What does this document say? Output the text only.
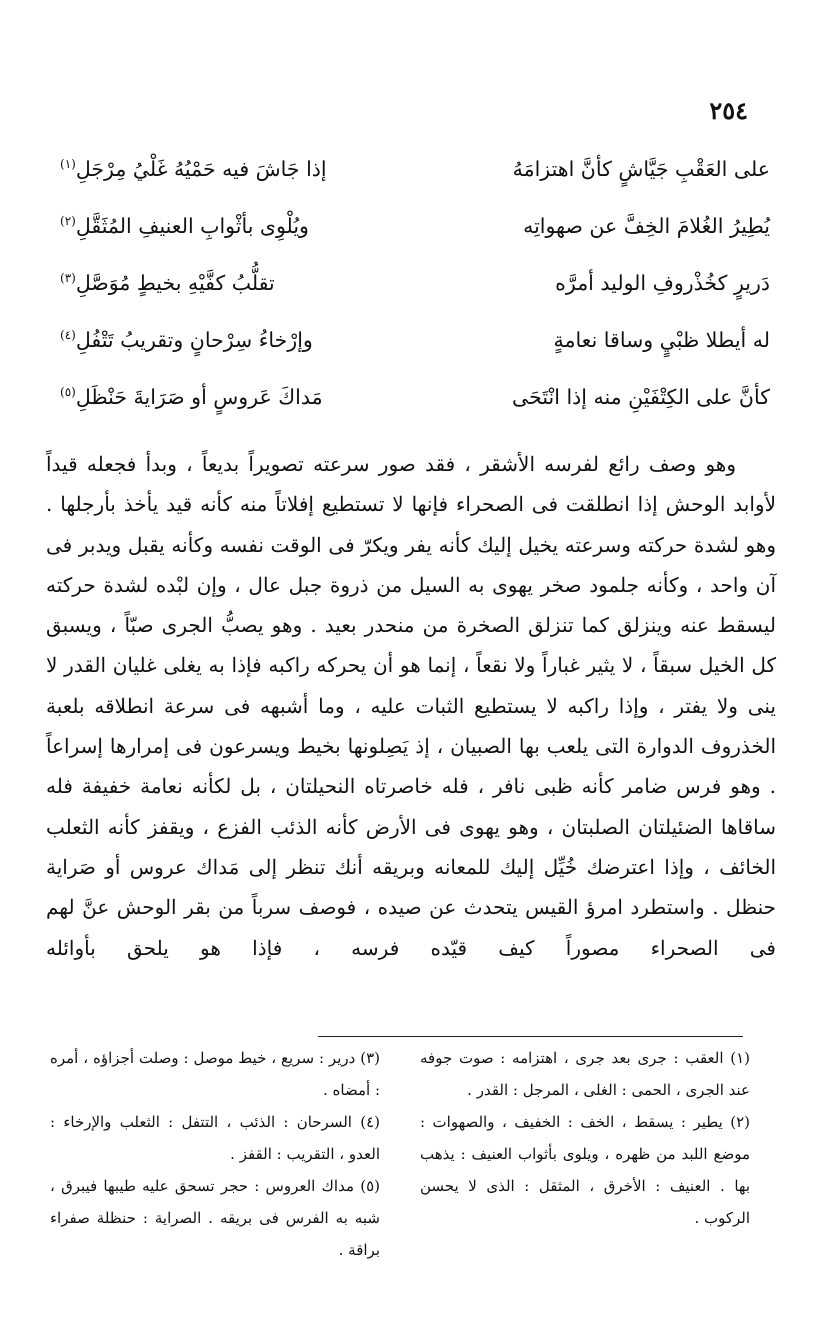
٢٥٤
على العَقْبِ جَيَّاشٍ كأنَّ اهتزامَهُ
إذا جَاشَ فيه حَمْيُهُ غَلْيُ مِرْجَلِ$^{(١)}$
يُطِيرُ الغُلامَ الخِفَّ عن صهواتِه
ويُلْوِى بأثْوابِ العنيفِ المُثَقَّلِ$^{(٢)}$
دَريرٍ كخُذْروفِ الوليد أمرَّه
تقلُّبُ كفَّيْهِ بخيطٍ مُوَصَّلِ$^{(٣)}$
له أيطلا ظبْيٍ وساقا نعامةٍ
وإرْخاءُ سِرْحانٍ وتقريبُ تَتْفُلِ$^{(٤)}$
كأنَّ على الكِتْفَيْنِ منه إذا انْتَحَى
مَداكَ عَروسٍ أو صَرَايةَ حَنْظَلِ$^{(٥)}$

وهو وصف رائع لفرسه الأشقر ، فقد صور سرعته تصويراً بديعاً ، وبدأ فجعله قيداً لأوابد الوحش إذا انطلقت فى الصحراء فإنها لا تستطيع إفلاتاً منه كأنه قيد يأخذ بأرجلها . وهو لشدة حركته وسرعته يخيل إليك كأنه يفر ويكرّ فى الوقت نفسه وكأنه يقبل ويدبر فى آن واحد ، وكأنه جلمود صخر يهوى به السيل من ذروة جبل عال ، وإن لبْده لشدة حركته ليسقط عنه وينزلق كما تنزلق الصخرة من منحدر بعيد . وهو يصبُّ الجرى صبّاً ، ويسبق كل الخيل سبقاً ، لا يثير غباراً ولا نقعاً ، إنما هو أن يحركه راكبه فإذا به يغلى غليان القدر لا ينى ولا يفتر ، وإذا راكبه لا يستطيع الثبات عليه ، وما أشبهه فى سرعة انطلاقه بلعبة الخذروف الدوارة التى يلعب بها الصبيان ، إذ يَصِلونها بخيط ويسرعون فى إمرارها إسراعاً . وهو فرس ضامر كأنه ظبى نافر ، فله خاصرتاه النحيلتان ، بل لكأنه نعامة خفيفة فله ساقاها الضئيلتان الصلبتان ، وهو يهوى فى الأرض كأنه الذئب الفزع ، ويقفز كأنه الثعلب الخائف ، وإذا اعترضك خُيِّل إليك للمعانه وبريقه أنك تنظر إلى مَداك عروس أو صَراية حنظل . واستطرد امرؤ القيس يتحدث عن صيده ، فوصف سرباً من بقر الوحش عنَّ لهم فى الصحراء مصوراً كيف قيّده فرسه ، فإذا هو يلحق بأوائله

(١) العقب : جرى بعد جرى ، اهتزامه : صوت جوفه عند الجرى ، الحمى : الغلى ، المرجل : القدر .

(٢) يطير : يسقط ، الخف : الخفيف ، والصهوات : موضع اللبد من ظهره ، ويلوى بأثواب العنيف : يذهب بها . العنيف : الأخرق ، المثقل : الذى لا يحسن الركوب .

(٣) درير : سريع ، خيط موصل : وصلت أجزاؤه ، أمره : أمضاه .

(٤) السرحان : الذئب ، التتفل : الثعلب والإرخاء : العدو ، التقريب : القفز .

(٥) مداك العروس : حجر تسحق عليه طيبها فيبرق ، شبه به الفرس فى بريقه . الصراية : حنظلة صفراء براقة .
